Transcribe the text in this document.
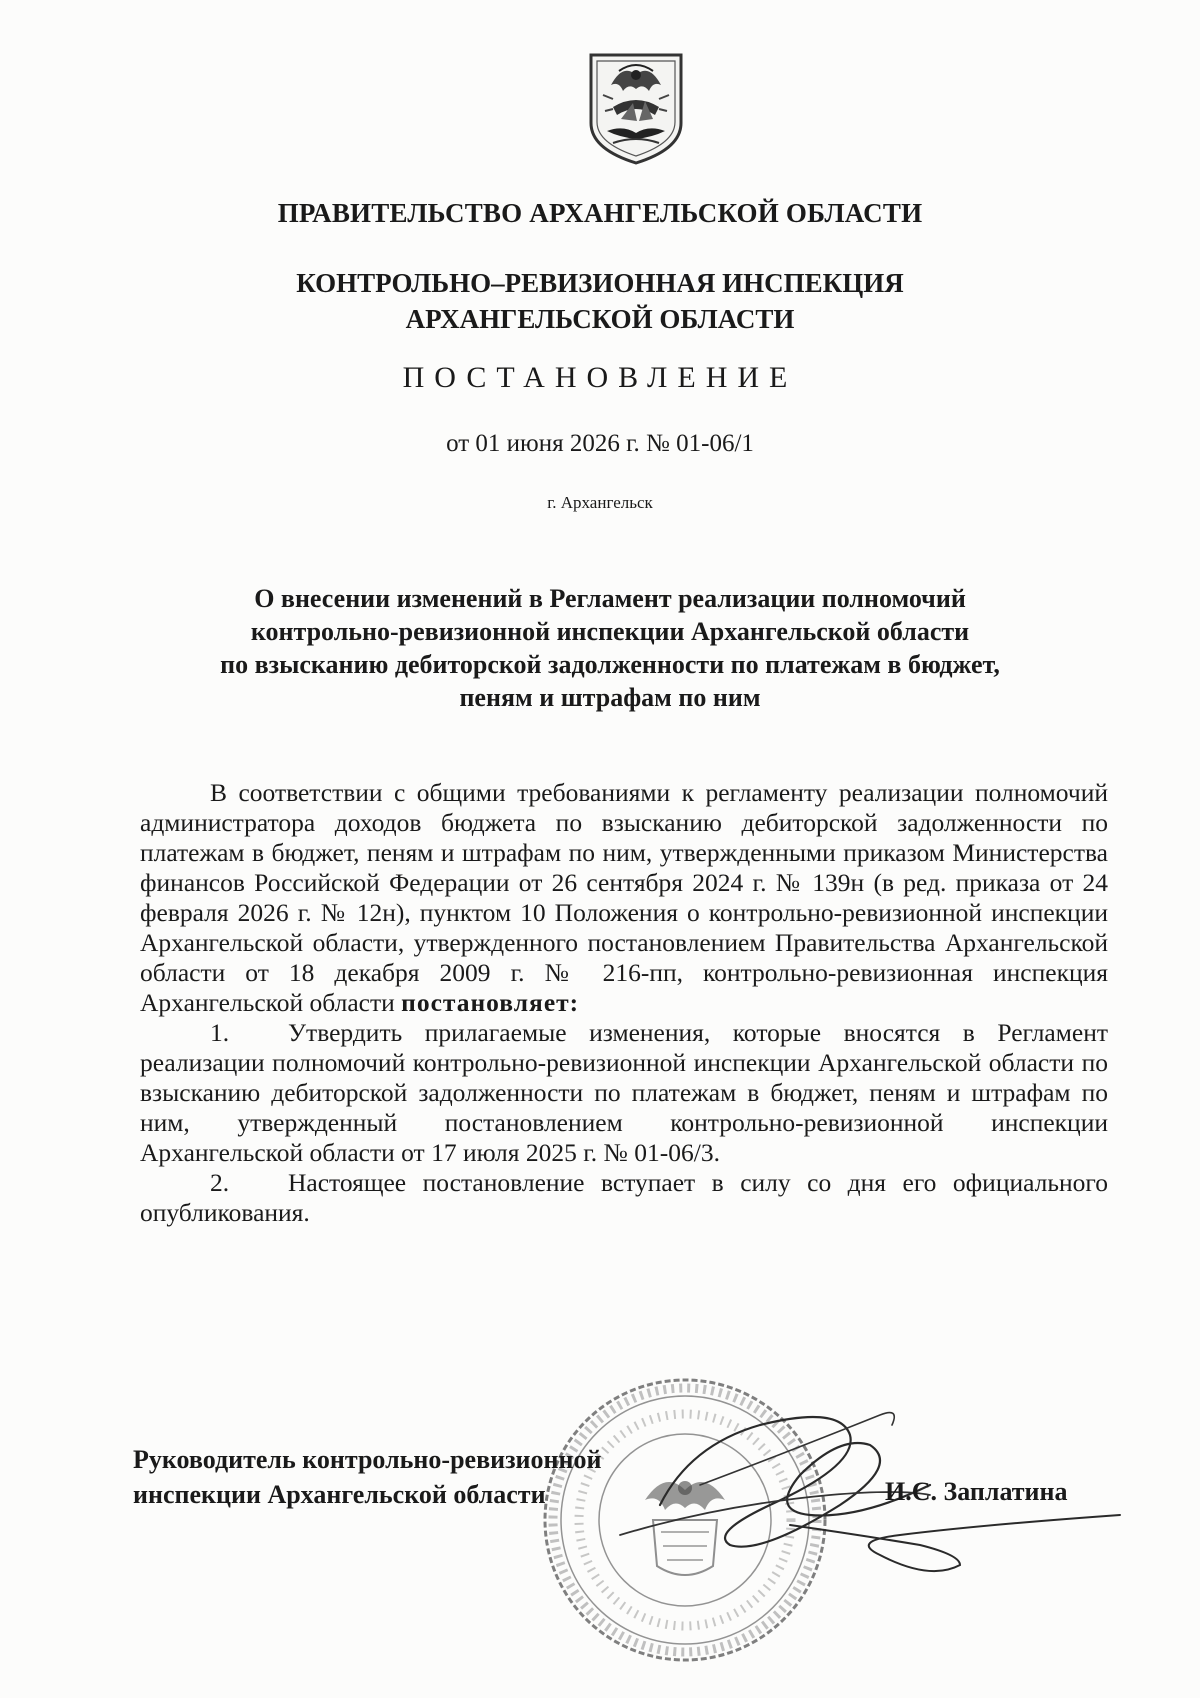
ПРАВИТЕЛЬСТВО АРХАНГЕЛЬСКОЙ ОБЛАСТИ
КОНТРОЛЬНО–РЕВИЗИОННАЯ ИНСПЕКЦИЯ
АРХАНГЕЛЬСКОЙ ОБЛАСТИ
ПОСТАНОВЛЕНИЕ
от 01 июня 2026 г. № 01-06/1
г. Архангельск
О внесении изменений в Регламент реализации полномочий
контрольно-ревизионной инспекции Архангельской области
по взысканию дебиторской задолженности по платежам в бюджет,
пеням и штрафам по ним

В соответствии с общими требованиями к регламенту реализации полномочий администратора доходов бюджета по взысканию дебиторской задолженности по платежам в бюджет, пеням и штрафам по ним, утвержденными приказом Министерства финансов Российской Федерации от 26 сентября 2024 г. № 139н (в ред. приказа от 24 февраля 2026 г. № 12н), пунктом 10 Положения о контрольно-ревизионной инспекции Архангельской области, утвержденного постановлением Правительства Архангельской области от 18 декабря 2009 г. № 216-пп, контрольно-ревизионная инспекция Архангельской области постановляет:

1. Утвердить прилагаемые изменения, которые вносятся в Регламент реализации полномочий контрольно-ревизионной инспекции Архангельской области по взысканию дебиторской задолженности по платежам в бюджет, пеням и штрафам по ним, утвержденный постановлением контрольно-ревизионной инспекции Архангельской области от 17 июля 2025 г. № 01-06/3.

2. Настоящее постановление вступает в силу со дня его официального опубликования.

Руководитель контрольно-ревизионной
инспекции Архангельской области	И.С. Заплатина
